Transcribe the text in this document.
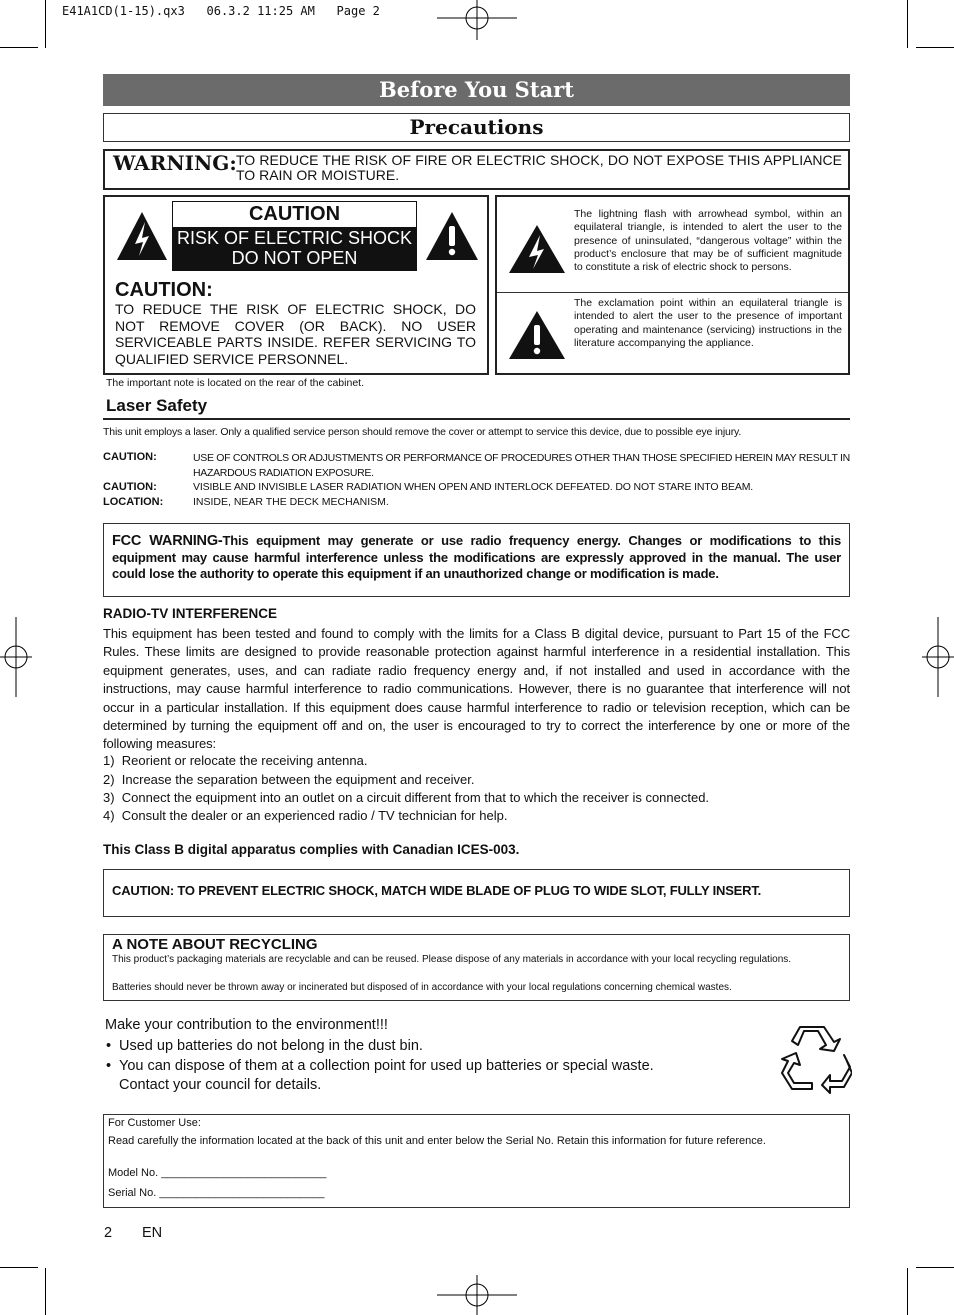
E41A1CD(1-15).qx3   06.3.2 11:25 AM   Page 2
Before You Start
Precautions
WARNING: TO REDUCE THE RISK OF FIRE OR ELECTRIC SHOCK, DO NOT EXPOSE THIS APPLIANCE TO RAIN OR MOISTURE.
CAUTION
RISK OF ELECTRIC SHOCK
DO NOT OPEN
CAUTION:
TO REDUCE THE RISK OF ELECTRIC SHOCK, DO NOT REMOVE COVER (OR BACK). NO USER SERVICEABLE PARTS INSIDE. REFER SERVICING TO QUALIFIED SERVICE PERSONNEL.
The lightning flash with arrowhead symbol, within an equilateral triangle, is intended to alert the user to the presence of uninsulated, “dangerous voltage” within the product’s enclosure that may be of sufficient magnitude to constitute a risk of electric shock to persons.
The exclamation point within an equilateral triangle is intended to alert the user to the presence of important operating and maintenance (servicing) instructions in the literature accompanying the appliance.
The important note is located on the rear of the cabinet.
Laser Safety
This unit employs a laser. Only a qualified service person should remove the cover or attempt to service this device, due to possible eye injury.
CAUTION:	USE OF CONTROLS OR ADJUSTMENTS OR PERFORMANCE OF PROCEDURES OTHER THAN THOSE SPECIFIED HEREIN MAY RESULT IN HAZARDOUS RADIATION EXPOSURE.
CAUTION:	VISIBLE AND INVISIBLE LASER RADIATION WHEN OPEN AND INTERLOCK DEFEATED. DO NOT STARE INTO BEAM.
LOCATION:	INSIDE, NEAR THE DECK MECHANISM.
FCC WARNING-This equipment may generate or use radio frequency energy. Changes or modifications to this equipment may cause harmful interference unless the modifications are expressly approved in the manual. The user could lose the authority to operate this equipment if an unauthorized change or modification is made.
RADIO-TV INTERFERENCE
This equipment has been tested and found to comply with the limits for a Class B digital device, pursuant to Part 15 of the FCC Rules. These limits are designed to provide reasonable protection against harmful interference in a residential installation. This equipment generates, uses, and can radiate radio frequency energy and, if not installed and used in accordance with the instructions, may cause harmful interference to radio communications. However, there is no guarantee that interference will not occur in a particular installation. If this equipment does cause harmful interference to radio or television reception, which can be determined by turning the equipment off and on, the user is encouraged to try to correct the interference by one or more of the following measures:
1)  Reorient or relocate the receiving antenna.
2)  Increase the separation between the equipment and receiver.
3)  Connect the equipment into an outlet on a circuit different from that to which the receiver is connected.
4)  Consult the dealer or an experienced radio / TV technician for help.
This Class B digital apparatus complies with Canadian ICES-003.
CAUTION: TO PREVENT ELECTRIC SHOCK, MATCH WIDE BLADE OF PLUG TO WIDE SLOT, FULLY INSERT.
A NOTE ABOUT RECYCLING
This product’s packaging materials are recyclable and can be reused. Please dispose of any materials in accordance with your local recycling regulations.
Batteries should never be thrown away or incinerated but disposed of in accordance with your local regulations concerning chemical wastes.
Make your contribution to the environment!!!
• Used up batteries do not belong in the dust bin.
• You can dispose of them at a collection point for used up batteries or special waste.
Contact your council for details.
For Customer Use:
Read carefully the information located at the back of this unit and enter below the Serial No. Retain this information for future reference.
Model No. ___________________________
Serial No. ___________________________
2 EN
